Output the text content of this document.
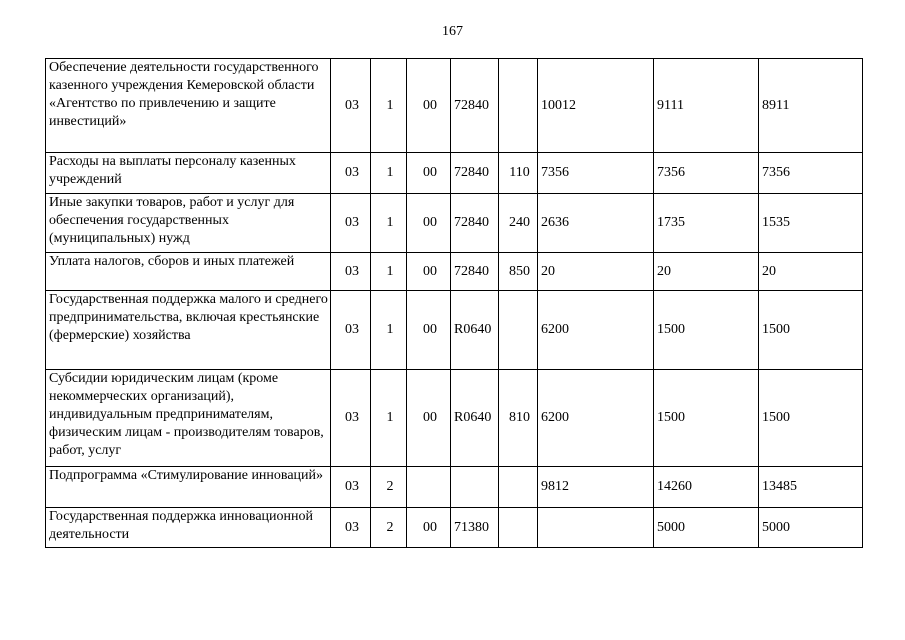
167
Обеспечение деятельности государственного казенного учреждения Кемеровской области «Агентство по привлечению и защите инвестиций»	03	1	00	72840		10012	9111	8911
Расходы на выплаты персоналу казенных учреждений	03	1	00	72840	110	7356	7356	7356
Иные закупки товаров, работ и услуг для обеспечения государственных (муниципальных) нужд	03	1	00	72840	240	2636	1735	1535
Уплата налогов, сборов и иных платежей	03	1	00	72840	850	20	20	20
Государственная поддержка малого и среднего предпринимательства, включая крестьянские (фермерские) хозяйства	03	1	00	R0640		6200	1500	1500
Субсидии юридическим лицам (кроме некоммерческих организаций), индивидуальным предпринимателям, физическим лицам - производителям товаров, работ, услуг	03	1	00	R0640	810	6200	1500	1500
Подпрограмма «Стимулирование инноваций»	03	2				9812	14260	13485
Государственная поддержка инновационной деятельности	03	2	00	71380			5000	5000
